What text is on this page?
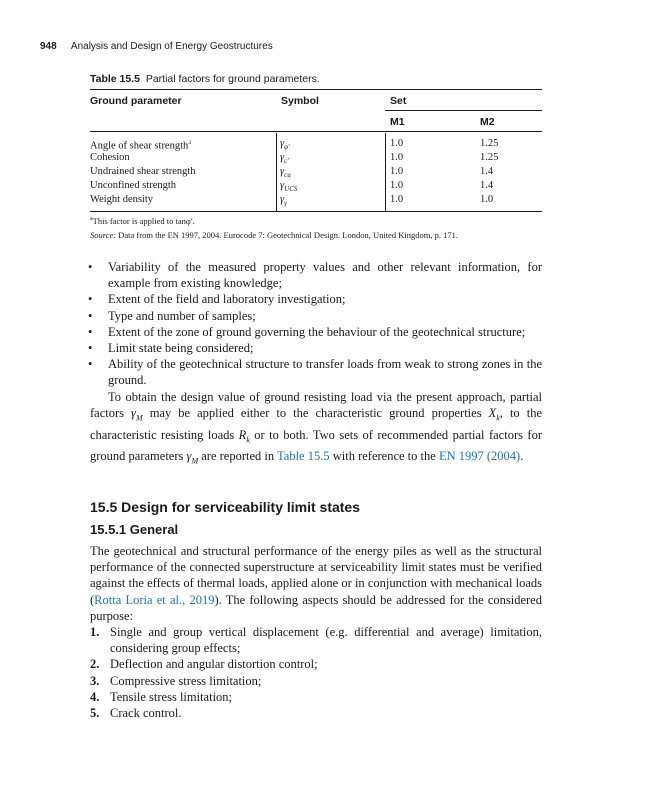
948 Analysis and Design of Energy Geostructures
Table 15.5 Partial factors for ground parameters.
Ground parameter	Symbol	Set
M1	M2
Angle of shear strength$^a$	$\gamma_{\varphi'}$	1.0	1.25
Cohesion	$\gamma_{c'}$	1.0	1.25
Undrained shear strength	$\gamma_{cu}$	1.0	1.4
Unconfined strength	$\gamma_{UCS}$	1.0	1.4
Weight density	$\gamma_\gamma$	1.0	1.0
$^a$This factor is applied to tanφ′.
Source: Data from the EN 1997, 2004. Eurocode 7: Geotechnical Design. London, United Kingdom, p. 171.

• Variability of the measured property values and other relevant information, for example from existing knowledge;

• Extent of the field and laboratory investigation;

• Type and number of samples;

• Extent of the zone of ground governing the behaviour of the geotechnical structure;

• Limit state being considered;

• Ability of the geotechnical structure to transfer loads from weak to strong zones in the ground.

To obtain the design value of ground resisting load via the present approach, partial factors $\gamma_M$ may be applied either to the characteristic ground properties $X_k$, to the characteristic resisting loads $R_k$ or to both. Two sets of recommended partial factors for ground parameters $\gamma_M$ are reported in Table 15.5 with reference to the EN 1997 (2004).

15.5 Design for serviceability limit states
15.5.1 General

The geotechnical and structural performance of the energy piles as well as the structural performance of the connected superstructure at serviceability limit states must be verified against the effects of thermal loads, applied alone or in conjunction with mechanical loads (Rotta Loria et al., 2019). The following aspects should be addressed for the considered purpose:

1. Single and group vertical displacement (e.g. differential and average) limitation, considering group effects;

2. Deflection and angular distortion control;

3. Compressive stress limitation;

4. Tensile stress limitation;

5. Crack control.
